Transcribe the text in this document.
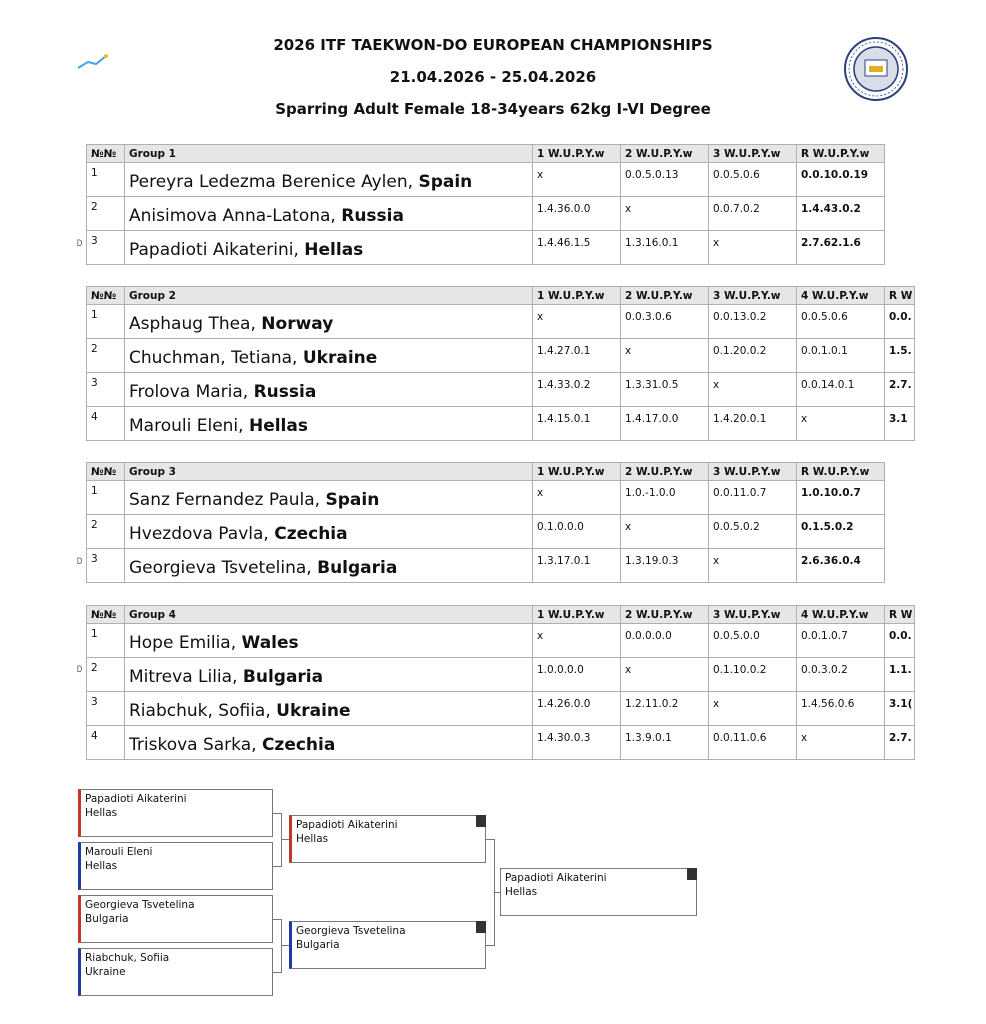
2026 ITF TAEKWON-DO EUROPEAN CHAMPIONSHIPS
21.04.2026 - 25.04.2026
Sparring Adult Female 18-34years 62kg I-VI Degree
№№	Group 1	1 W.U.P.Y.w	2 W.U.P.Y.w	3 W.U.P.Y.w	R W.U.P.Y.w
1	Pereyra Ledezma Berenice Aylen, Spain	x	0.0.5.0.13	0.0.5.0.6	0.0.10.0.19
2	Anisimova Anna-Latona, Russia	1.4.36.0.0	x	0.0.7.0.2	1.4.43.0.2
3	Papadioti Aikaterini, Hellas	1.4.46.1.5	1.3.16.0.1	x	2.7.62.1.6
D
№№	Group 2	1 W.U.P.Y.w	2 W.U.P.Y.w	3 W.U.P.Y.w	4 W.U.P.Y.w	R W
1	Asphaug Thea, Norway	x	0.0.3.0.6	0.0.13.0.2	0.0.5.0.6	0.0.
2	Chuchman, Tetiana, Ukraine	1.4.27.0.1	x	0.1.20.0.2	0.0.1.0.1	1.5.
3	Frolova Maria, Russia	1.4.33.0.2	1.3.31.0.5	x	0.0.14.0.1	2.7.
4	Marouli Eleni, Hellas	1.4.15.0.1	1.4.17.0.0	1.4.20.0.1	x	3.1
№№	Group 3	1 W.U.P.Y.w	2 W.U.P.Y.w	3 W.U.P.Y.w	R W.U.P.Y.w
1	Sanz Fernandez Paula, Spain	x	1.0.-1.0.0	0.0.11.0.7	1.0.10.0.7
2	Hvezdova Pavla, Czechia	0.1.0.0.0	x	0.0.5.0.2	0.1.5.0.2
3	Georgieva Tsvetelina, Bulgaria	1.3.17.0.1	1.3.19.0.3	x	2.6.36.0.4
D
№№	Group 4	1 W.U.P.Y.w	2 W.U.P.Y.w	3 W.U.P.Y.w	4 W.U.P.Y.w	R W
1	Hope Emilia, Wales	x	0.0.0.0.0	0.0.5.0.0	0.0.1.0.7	0.0.
2	Mitreva Lilia, Bulgaria	1.0.0.0.0	x	0.1.10.0.2	0.0.3.0.2	1.1.
3	Riabchuk, Sofiia, Ukraine	1.4.26.0.0	1.2.11.0.2	x	1.4.56.0.6	3.1(
4	Triskova Sarka, Czechia	1.4.30.0.3	1.3.9.0.1	0.0.11.0.6	x	2.7.
D
Papadioti Aikaterini
Hellas
Marouli Eleni
Hellas
Georgieva Tsvetelina
Bulgaria
Riabchuk, Sofiia
Ukraine
Papadioti Aikaterini
Hellas
Georgieva Tsvetelina
Bulgaria
Papadioti Aikaterini
Hellas
